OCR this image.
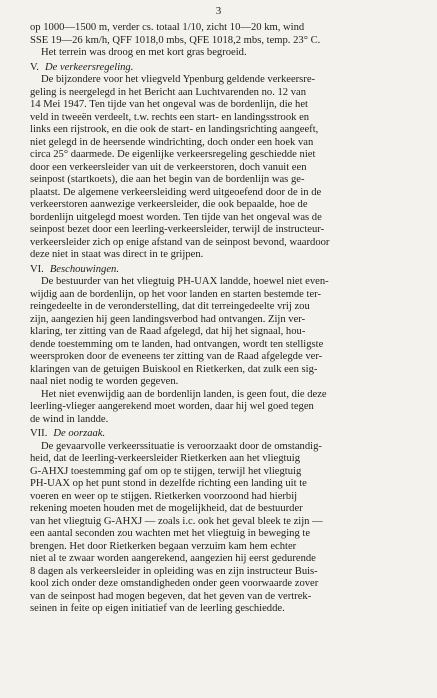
3
op 1000—1500 m, verder cs. totaal 1/10, zicht 10—20 km, wind
SSE 19—26 km/h, QFF 1018,0 mbs, QFE 1018,2 mbs, temp. 23° C.
Het terrein was droog en met kort gras begroeid.
V. De verkeersregeling.
De bijzondere voor het vliegveld Ypenburg geldende verkeersre-
geling is neergelegd in het Bericht aan Luchtvarenden no. 12 van
14 Mei 1947. Ten tijde van het ongeval was de bordenlijn, die het
veld in tweeën verdeelt, t.w. rechts een start- en landingsstrook en
links een rijstrook, en die ook de start- en landingsrichting aangeeft,
niet gelegd in de heersende windrichting, doch onder een hoek van
circa 25° daarmede. De eigenlijke verkeersregeling geschiedde niet
door een verkeersleider van uit de verkeerstoren, doch vanuit een
seinpost (startkoets), die aan het begin van de bordenlijn was ge-
plaatst. De algemene verkeersleiding werd uitgeoefend door de in de
verkeerstoren aanwezige verkeersleider, die ook bepaalde, hoe de
bordenlijn uitgelegd moest worden. Ten tijde van het ongeval was de
seinpost bezet door een leerling-verkeersleider, terwijl de instructeur-
verkeersleider zich op enige afstand van de seinpost bevond, waardoor
deze niet in staat was direct in te grijpen.
VI. Beschouwingen.
De bestuurder van het vliegtuig PH-UAX landde, hoewel niet even-
wijdig aan de bordenlijn, op het voor landen en starten bestemde ter-
reingedeelte in de veronderstelling, dat dit terreingedeelte vrij zou
zijn, aangezien hij geen landingsverbod had ontvangen. Zijn ver-
klaring, ter zitting van de Raad afgelegd, dat hij het signaal, hou-
dende toestemming om te landen, had ontvangen, wordt ten stelligste
weersproken door de eveneens ter zitting van de Raad afgelegde ver-
klaringen van de getuigen Buiskool en Rietkerken, dat zulk een sig-
naal niet nodig te worden gegeven.
Het niet evenwijdig aan de bordenlijn landen, is geen fout, die deze
leerling-vlieger aangerekend moet worden, daar hij wel goed tegen
de wind in landde.
VII. De oorzaak.
De gevaarvolle verkeerssituatie is veroorzaakt door de omstandig-
heid, dat de leerling-verkeersleider Rietkerken aan het vliegtuig
G-AHXJ toestemming gaf om op te stijgen, terwijl het vliegtuig
PH-UAX op het punt stond in dezelfde richting een landing uit te
voeren en weer op te stijgen. Rietkerken voorzoond had hierbij
rekening moeten houden met de mogelijkheid, dat de bestuurder
van het vliegtuig G-AHXJ — zoals i.c. ook het geval bleek te zijn —
een aantal seconden zou wachten met het vliegtuig in beweging te
brengen. Het door Rietkerken begaan verzuim kam hem echter
niet al te zwaar worden aangerekend, aangezien hij eerst gedurende
8 dagen als verkeersleider in opleiding was en zijn instructeur Buis-
kool zich onder deze omstandigheden onder geen voorwaarde zover
van de seinpost had mogen begeven, dat het geven van de vertrek-
seinen in feite op eigen initiatief van de leerling geschiedde.
